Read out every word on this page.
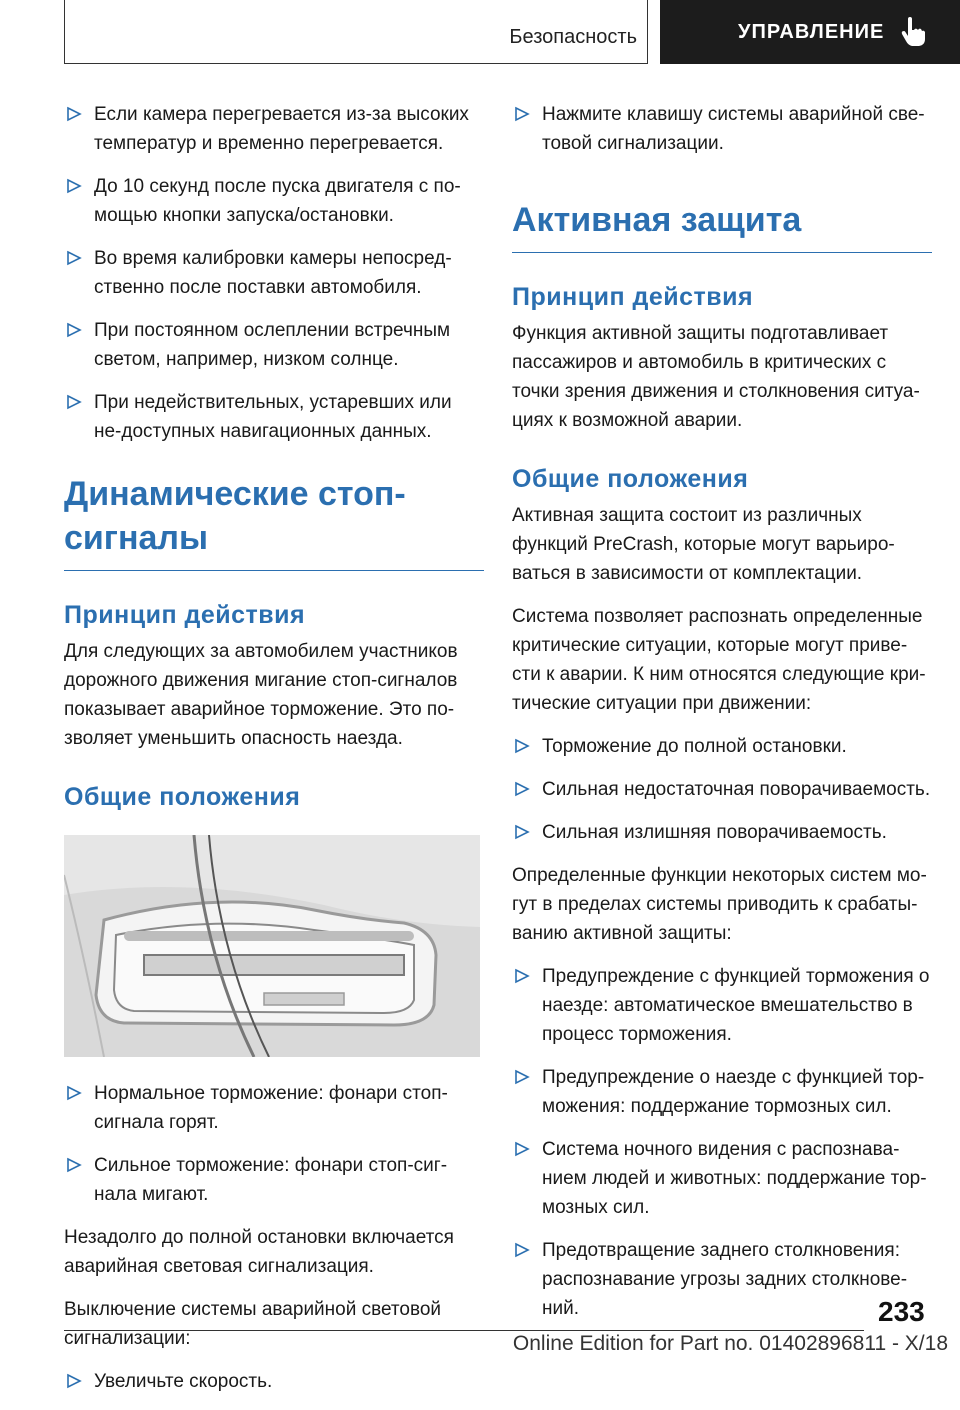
Безопасность	УПРАВЛЕНИЕ
Если камера перегревается из-за высоких температур и временно перегревается.
До 10 секунд после пуска двигателя с по-мощью кнопки запуска/остановки.
Во время калибровки камеры непосред-ственно после поставки автомобиля.
При постоянном ослеплении встречным светом, например, низком солнце.
При недействительных, устаревших или не-доступных навигационных данных.
Динамические стоп-сигналы
Принцип действия
Для следующих за автомобилем участников дорожного движения мигание стоп-сигналов показывает аварийное торможение. Это по-зволяет уменьшить опасность наезда.
Общие положения
Нормальное торможение: фонари стоп-сигнала горят.
Сильное торможение: фонари стоп-сиг-нала мигают.
Незадолго до полной остановки включается аварийная световая сигнализация.
Выключение системы аварийной световой сигнализации:
Увеличьте скорость.
Нажмите клавишу системы аварийной све-товой сигнализации.
Активная защита
Принцип действия
Функция активной защиты подготавливает пассажиров и автомобиль в критических с точки зрения движения и столкновения ситуа-циях к возможной аварии.
Общие положения
Активная защита состоит из различных функций PreCrash, которые могут варьиро-ваться в зависимости от комплектации.
Система позволяет распознать определенные критические ситуации, которые могут приве-сти к аварии. К ним относятся следующие кри-тические ситуации при движении:
Торможение до полной остановки.
Сильная недостаточная поворачиваемость.
Сильная излишняя поворачиваемость.
Определенные функции некоторых систем мо-гут в пределах системы приводить к срабаты-ванию активной защиты:
Предупреждение с функцией торможения о наезде: автоматическое вмешательство в процесс торможения.
Предупреждение о наезде с функцией тор-можения: поддержание тормозных сил.
Система ночного видения с распознава-нием людей и животных: поддержание тор-мозных сил.
Предотвращение заднего столкновения: распознавание угрозы задних столкнове-ний.	233
Online Edition for Part no. 01402896811 - X/18
